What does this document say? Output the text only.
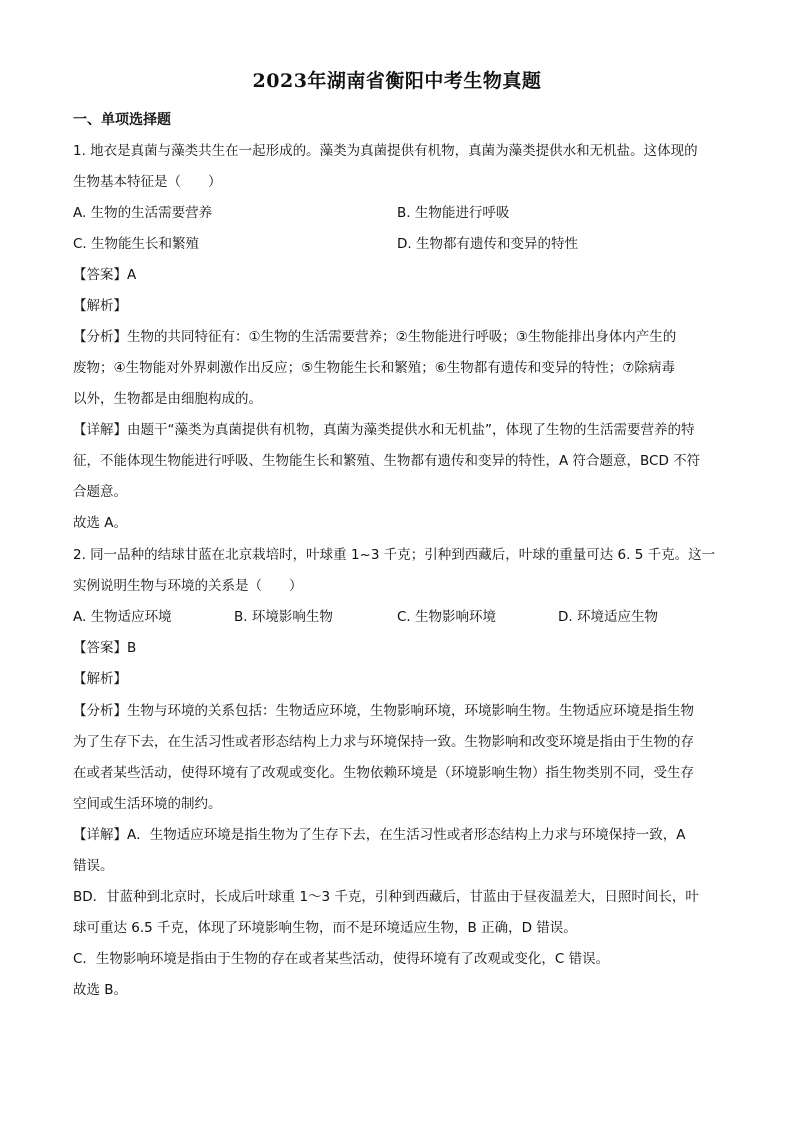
2023年湖南省衡阳中考生物真题
一、单项选择题
1. 地衣是真菌与藻类共生在一起形成的。藻类为真菌提供有机物，真菌为藻类提供水和无机盐。这体现的
生物基本特征是（　　）
A. 生物的生活需要营养	B. 生物能进行呼吸
C. 生物能生长和繁殖	D. 生物都有遗传和变异的特性
【答案】A
【解析】
【分析】生物的共同特征有：①生物的生活需要营养；②生物能进行呼吸；③生物能排出身体内产生的
废物；④生物能对外界刺激作出反应；⑤生物能生长和繁殖；⑥生物都有遗传和变异的特性；⑦除病毒
以外，生物都是由细胞构成的。
【详解】由题干“藻类为真菌提供有机物，真菌为藻类提供水和无机盐”，体现了生物的生活需要营养的特
征，不能体现生物能进行呼吸、生物能生长和繁殖、生物都有遗传和变异的特性，A 符合题意，BCD 不符
合题意。
故选 A。
2. 同一品种的结球甘蓝在北京栽培时，叶球重 1~3 千克；引种到西藏后，叶球的重量可达 6. 5 千克。这一
实例说明生物与环境的关系是（　　）
A. 生物适应环境	B. 环境影响生物	C. 生物影响环境	D. 环境适应生物
【答案】B
【解析】
【分析】生物与环境的关系包括：生物适应环境，生物影响环境，环境影响生物。生物适应环境是指生物
为了生存下去，在生活习性或者形态结构上力求与环境保持一致。生物影响和改变环境是指由于生物的存
在或者某些活动，使得环境有了改观或变化。生物依赖环境是（环境影响生物）指生物类别不同，受生存
空间或生活环境的制约。
【详解】A．生物适应环境是指生物为了生存下去，在生活习性或者形态结构上力求与环境保持一致，A
错误。
BD．甘蓝种到北京时，长成后叶球重 1～3 千克，引种到西藏后，甘蓝由于昼夜温差大，日照时间长，叶
球可重达 6.5 千克，体现了环境影响生物，而不是环境适应生物，B 正确，D 错误。
C．生物影响环境是指由于生物的存在或者某些活动，使得环境有了改观或变化，C 错误。
故选 B。
